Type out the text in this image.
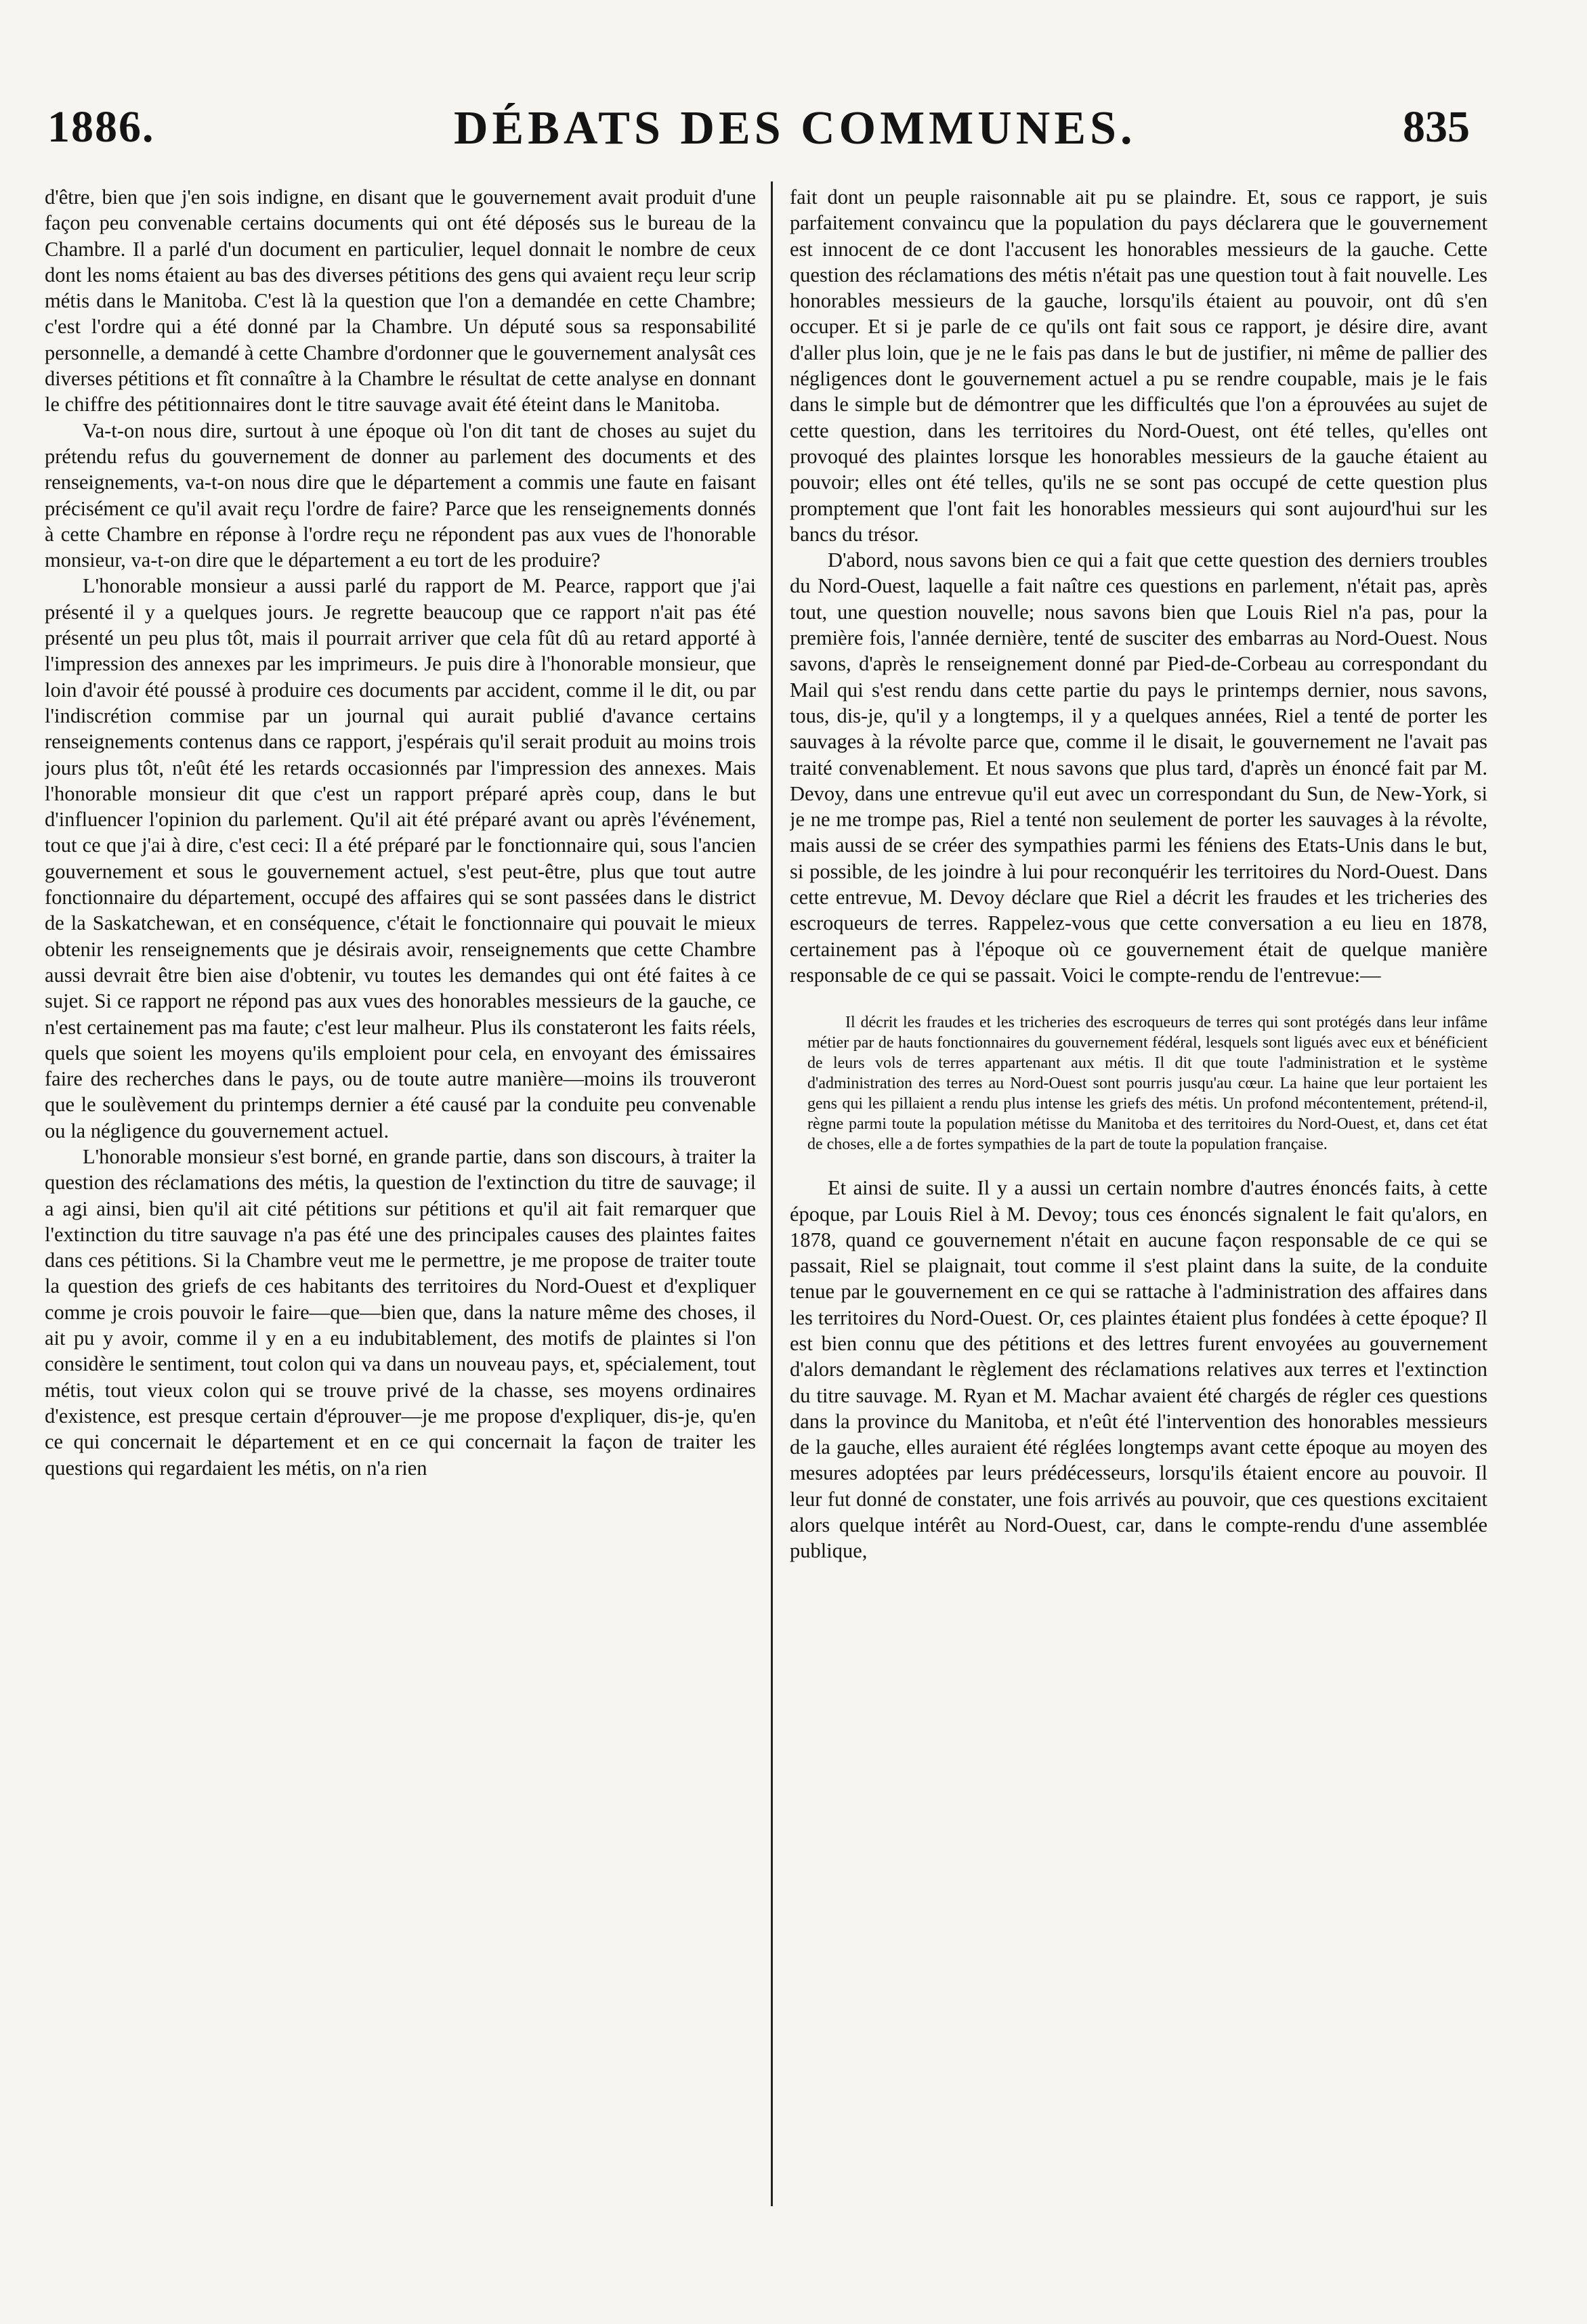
1886.	DÉBATS DES COMMUNES.	835

d'être, bien que j'en sois indigne, en disant que le gouvernement avait produit d'une façon peu convenable certains documents qui ont été déposés sus le bureau de la Chambre. Il a parlé d'un document en particulier, lequel donnait le nombre de ceux dont les noms étaient au bas des diverses pétitions des gens qui avaient reçu leur scrip métis dans le Manitoba. C'est là la question que l'on a demandée en cette Chambre; c'est l'ordre qui a été donné par la Chambre. Un député sous sa responsabilité personnelle, a demandé à cette Chambre d'ordonner que le gouvernement analysât ces diverses pétitions et fît connaître à la Chambre le résultat de cette analyse en donnant le chiffre des pétitionnaires dont le titre sauvage avait été éteint dans le Manitoba.

Va-t-on nous dire, surtout à une époque où l'on dit tant de choses au sujet du prétendu refus du gouvernement de donner au parlement des documents et des renseignements, va-t-on nous dire que le département a commis une faute en faisant précisément ce qu'il avait reçu l'ordre de faire? Parce que les renseignements donnés à cette Chambre en réponse à l'ordre reçu ne répondent pas aux vues de l'honorable monsieur, va-t-on dire que le département a eu tort de les produire?

L'honorable monsieur a aussi parlé du rapport de M. Pearce, rapport que j'ai présenté il y a quelques jours. Je regrette beaucoup que ce rapport n'ait pas été présenté un peu plus tôt, mais il pourrait arriver que cela fût dû au retard apporté à l'impression des annexes par les imprimeurs. Je puis dire à l'honorable monsieur, que loin d'avoir été poussé à produire ces documents par accident, comme il le dit, ou par l'indiscrétion commise par un journal qui aurait publié d'avance certains renseignements contenus dans ce rapport, j'espérais qu'il serait produit au moins trois jours plus tôt, n'eût été les retards occasionnés par l'impression des annexes. Mais l'honorable monsieur dit que c'est un rapport préparé après coup, dans le but d'influencer l'opinion du parlement. Qu'il ait été préparé avant ou après l'événement, tout ce que j'ai à dire, c'est ceci: Il a été préparé par le fonctionnaire qui, sous l'ancien gouvernement et sous le gouvernement actuel, s'est peut-être, plus que tout autre fonctionnaire du département, occupé des affaires qui se sont passées dans le district de la Saskatchewan, et en conséquence, c'était le fonctionnaire qui pouvait le mieux obtenir les renseignements que je désirais avoir, renseignements que cette Chambre aussi devrait être bien aise d'obtenir, vu toutes les demandes qui ont été faites à ce sujet. Si ce rapport ne répond pas aux vues des honorables messieurs de la gauche, ce n'est certainement pas ma faute; c'est leur malheur. Plus ils constateront les faits réels, quels que soient les moyens qu'ils emploient pour cela, en envoyant des émissaires faire des recherches dans le pays, ou de toute autre manière—moins ils trouveront que le soulèvement du printemps dernier a été causé par la conduite peu convenable ou la négligence du gouvernement actuel.

L'honorable monsieur s'est borné, en grande partie, dans son discours, à traiter la question des réclamations des métis, la question de l'extinction du titre de sauvage; il a agi ainsi, bien qu'il ait cité pétitions sur pétitions et qu'il ait fait remarquer que l'extinction du titre sauvage n'a pas été une des principales causes des plaintes faites dans ces pétitions. Si la Chambre veut me le permettre, je me propose de traiter toute la question des griefs de ces habitants des territoires du Nord-Ouest et d'expliquer comme je crois pouvoir le faire—que—bien que, dans la nature même des choses, il ait pu y avoir, comme il y en a eu indubitablement, des motifs de plaintes si l'on considère le sentiment, tout colon qui va dans un nouveau pays, et, spécialement, tout métis, tout vieux colon qui se trouve privé de la chasse, ses moyens ordinaires d'existence, est presque certain d'éprouver—je me propose d'expliquer, dis-je, qu'en ce qui concernait le département et en ce qui concernait la façon de traiter les questions qui regardaient les métis, on n'a rien

fait dont un peuple raisonnable ait pu se plaindre. Et, sous ce rapport, je suis parfaitement convaincu que la population du pays déclarera que le gouvernement est innocent de ce dont l'accusent les honorables messieurs de la gauche. Cette question des réclamations des métis n'était pas une question tout à fait nouvelle. Les honorables messieurs de la gauche, lorsqu'ils étaient au pouvoir, ont dû s'en occuper. Et si je parle de ce qu'ils ont fait sous ce rapport, je désire dire, avant d'aller plus loin, que je ne le fais pas dans le but de justifier, ni même de pallier des négligences dont le gouvernement actuel a pu se rendre coupable, mais je le fais dans le simple but de démontrer que les difficultés que l'on a éprouvées au sujet de cette question, dans les territoires du Nord-Ouest, ont été telles, qu'elles ont provoqué des plaintes lorsque les honorables messieurs de la gauche étaient au pouvoir; elles ont été telles, qu'ils ne se sont pas occupé de cette question plus promptement que l'ont fait les honorables messieurs qui sont aujourd'hui sur les bancs du trésor.

D'abord, nous savons bien ce qui a fait que cette question des derniers troubles du Nord-Ouest, laquelle a fait naître ces questions en parlement, n'était pas, après tout, une question nouvelle; nous savons bien que Louis Riel n'a pas, pour la première fois, l'année dernière, tenté de susciter des embarras au Nord-Ouest. Nous savons, d'après le renseignement donné par Pied-de-Corbeau au correspondant du Mail qui s'est rendu dans cette partie du pays le printemps dernier, nous savons, tous, dis-je, qu'il y a longtemps, il y a quelques années, Riel a tenté de porter les sauvages à la révolte parce que, comme il le disait, le gouvernement ne l'avait pas traité convenablement. Et nous savons que plus tard, d'après un énoncé fait par M. Devoy, dans une entrevue qu'il eut avec un correspondant du Sun, de New-York, si je ne me trompe pas, Riel a tenté non seulement de porter les sauvages à la révolte, mais aussi de se créer des sympathies parmi les féniens des Etats-Unis dans le but, si possible, de les joindre à lui pour reconquérir les territoires du Nord-Ouest. Dans cette entrevue, M. Devoy déclare que Riel a décrit les fraudes et les tricheries des escroqueurs de terres. Rappelez-vous que cette conversation a eu lieu en 1878, certainement pas à l'époque où ce gouvernement était de quelque manière responsable de ce qui se passait. Voici le compte-rendu de l'entrevue:—

Il décrit les fraudes et les tricheries des escroqueurs de terres qui sont protégés dans leur infâme métier par de hauts fonctionnaires du gouvernement fédéral, lesquels sont ligués avec eux et bénéficient de leurs vols de terres appartenant aux métis. Il dit que toute l'administration et le système d'administration des terres au Nord-Ouest sont pourris jusqu'au cœur. La haine que leur portaient les gens qui les pillaient a rendu plus intense les griefs des métis. Un profond mécontentement, prétend-il, règne parmi toute la population métisse du Manitoba et des territoires du Nord-Ouest, et, dans cet état de choses, elle a de fortes sympathies de la part de toute la population française.

Et ainsi de suite. Il y a aussi un certain nombre d'autres énoncés faits, à cette époque, par Louis Riel à M. Devoy; tous ces énoncés signalent le fait qu'alors, en 1878, quand ce gouvernement n'était en aucune façon responsable de ce qui se passait, Riel se plaignait, tout comme il s'est plaint dans la suite, de la conduite tenue par le gouvernement en ce qui se rattache à l'administration des affaires dans les territoires du Nord-Ouest. Or, ces plaintes étaient plus fondées à cette époque? Il est bien connu que des pétitions et des lettres furent envoyées au gouvernement d'alors demandant le règlement des réclamations relatives aux terres et l'extinction du titre sauvage. M. Ryan et M. Machar avaient été chargés de régler ces questions dans la province du Manitoba, et n'eût été l'intervention des honorables messieurs de la gauche, elles auraient été réglées longtemps avant cette époque au moyen des mesures adoptées par leurs prédécesseurs, lorsqu'ils étaient encore au pouvoir. Il leur fut donné de constater, une fois arrivés au pouvoir, que ces questions excitaient alors quelque intérêt au Nord-Ouest, car, dans le compte-rendu d'une assemblée publique,
